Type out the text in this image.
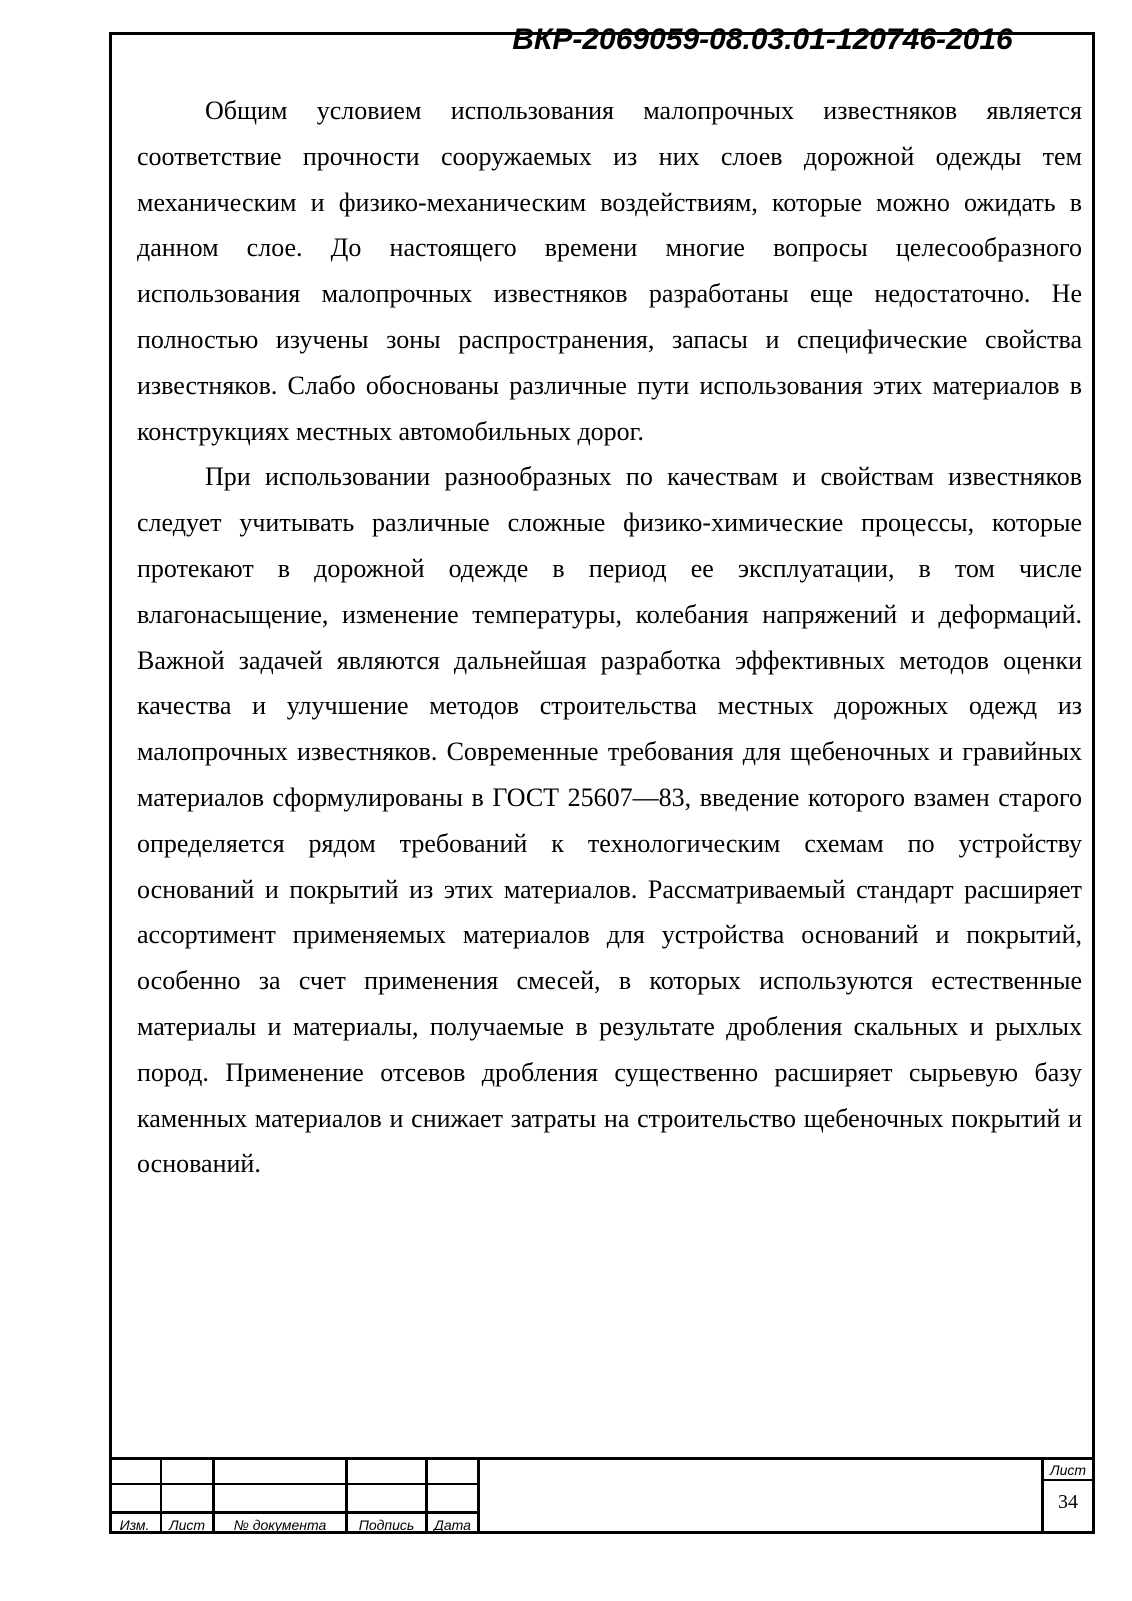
Общим условием использования малопрочных известняков является соответствие прочности сооружаемых из них слоев дорожной одежды тем механическим и физико-механическим воздействиям, которые можно ожидать в данном слое. До настоящего времени многие вопросы целесообразного использования малопрочных известняков разработаны еще недостаточно. Не полностью изучены зоны распространения, запасы и специфические свойства известняков. Слабо обоснованы различные пути использования этих материалов в конструкциях местных автомобильных дорог.

При использовании разнообразных по качествам и свойствам известняков следует учитывать различные сложные физико-химические процессы, которые протекают в дорожной одежде в период ее эксплуатации, в том числе влагонасыщение, изменение температуры, колебания напряжений и деформаций. Важной задачей являются дальнейшая разработка эффективных методов оценки качества и улучшение методов строительства местных дорожных одежд из малопрочных известняков. Современные требования для щебеночных и гравийных материалов сформулированы в ГОСТ 25607—83, введение которого взамен старого определяется рядом требований к технологическим схемам по устройству оснований и покрытий из этих материалов. Рассматриваемый стандарт расширяет ассортимент применяемых материалов для устройства оснований и покрытий, особенно за счет применения смесей, в которых используются естественные материалы и материалы, получаемые в результате дробления скальных и рыхлых пород. Применение отсевов дробления существенно расширяет сырьевую базу каменных материалов и снижает затраты на строительство щебеночных покрытий и оснований.

Изм.	Лист	№ документа	Подпись	Дата
ВКР-2069059-08.03.01-120746-2016
Лист
34
